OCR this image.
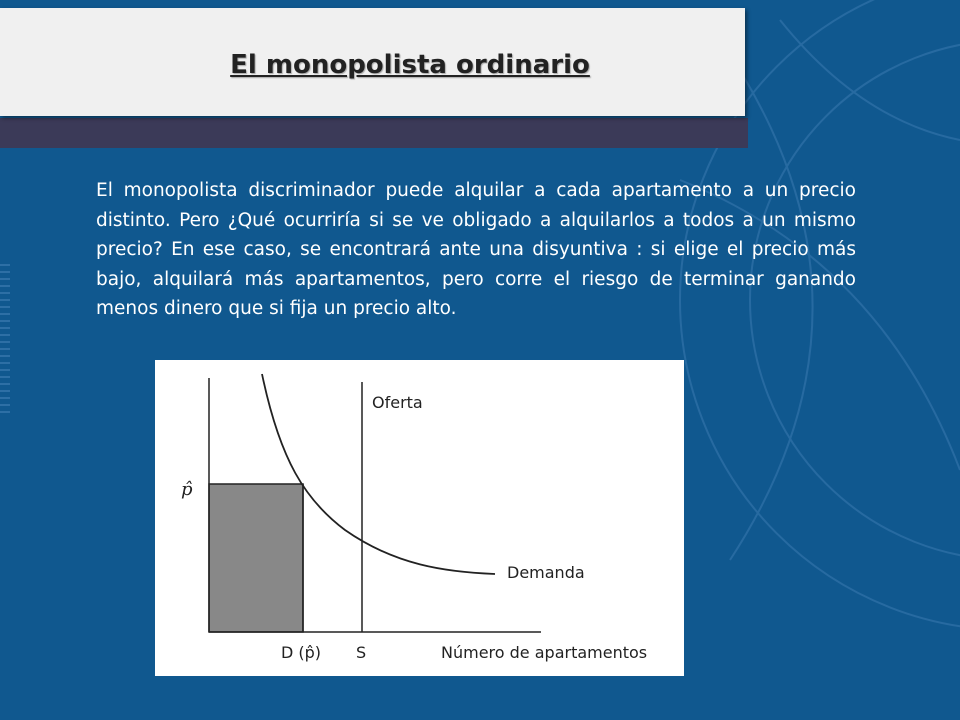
El monopolista ordinario
El monopolista discriminador puede alquilar a cada apartamento a un precio distinto. Pero ¿Qué ocurriría si se ve obligado a alquilarlos a todos a un mismo precio? En ese caso, se encontrará ante una disyuntiva : si elige el precio más bajo, alquilará más apartamentos, pero corre el riesgo de terminar ganando menos dinero que si fija un precio alto.
Oferta
Demanda
p̂
D (p̂) S	Número de apartamentos
